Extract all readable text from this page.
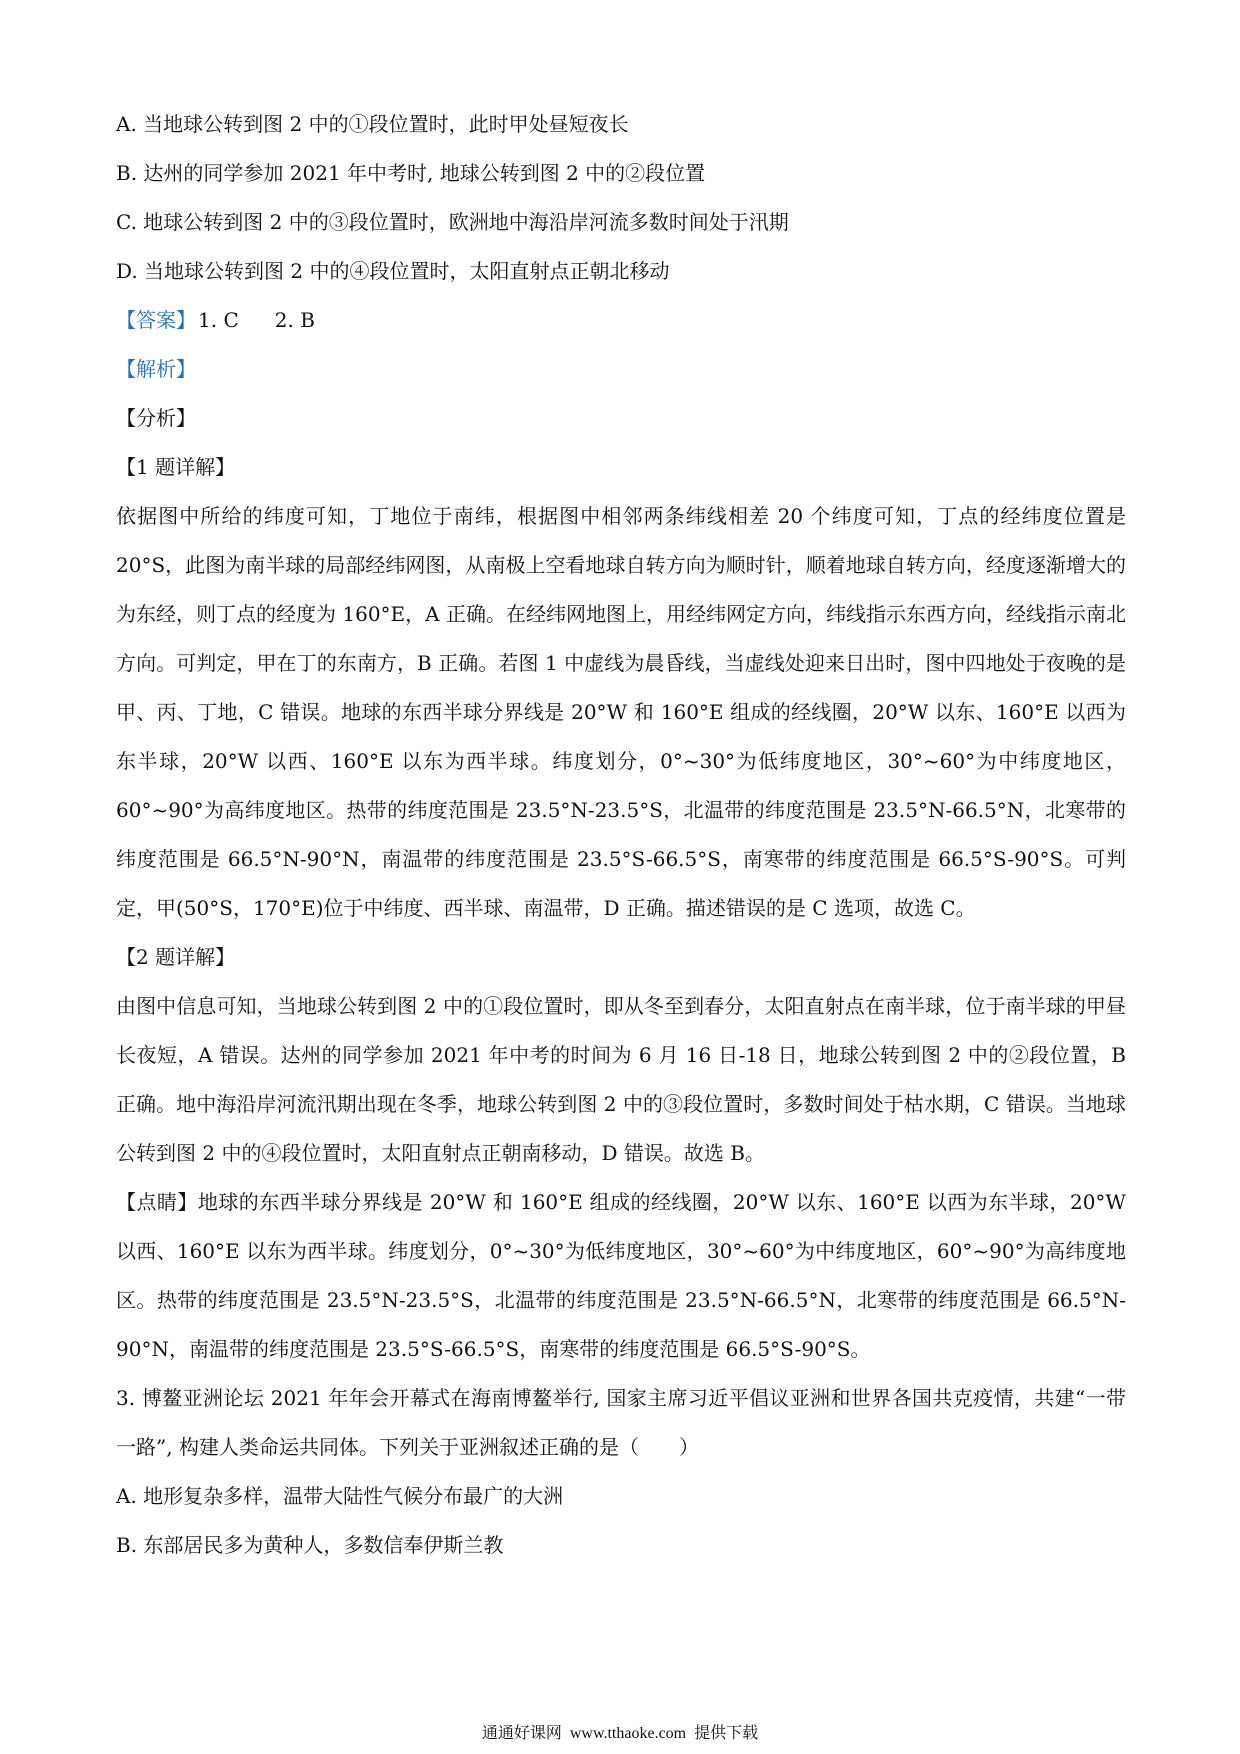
A. 当地球公转到图 2 中的①段位置时，此时甲处昼短夜长
B. 达州的同学参加 2021 年中考时, 地球公转到图 2 中的②段位置
C. 地球公转到图 2 中的③段位置时，欧洲地中海沿岸河流多数时间处于汛期
D. 当地球公转到图 2 中的④段位置时，太阳直射点正朝北移动
【答案】 1. C 2. B
【解析】
【分析】
【1 题详解】

依据图中所给的纬度可知，丁地位于南纬，根据图中相邻两条纬线相差 20 个纬度可知，丁点的经纬度位置是 20°S，此图为南半球的局部经纬网图，从南极上空看地球自转方向为顺时针，顺着地球自转方向，经度逐渐增大的为东经，则丁点的经度为 160°E，A 正确。在经纬网地图上，用经纬网定方向，纬线指示东西方向，经线指示南北方向。可判定，甲在丁的东南方，B 正确。若图 1 中虚线为晨昏线，当虚线处迎来日出时，图中四地处于夜晚的是甲、丙、丁地，C 错误。地球的东西半球分界线是 20°W 和 160°E 组成的经线圈，20°W 以东、160°E 以西为东半球，20°W 以西、160°E 以东为西半球。纬度划分，0°~30°为低纬度地区，30°~60°为中纬度地区，60°~90°为高纬度地区。热带的纬度范围是 23.5°N-23.5°S，北温带的纬度范围是 23.5°N-66.5°N，北寒带的纬度范围是 66.5°N-90°N，南温带的纬度范围是 23.5°S-66.5°S，南寒带的纬度范围是 66.5°S-90°S。可判定，甲(50°S，170°E)位于中纬度、西半球、南温带，D 正确。描述错误的是 C 选项，故选 C。

【2 题详解】

由图中信息可知，当地球公转到图 2 中的①段位置时，即从冬至到春分，太阳直射点在南半球，位于南半球的甲昼长夜短，A 错误。达州的同学参加 2021 年中考的时间为 6 月 16 日-18 日，地球公转到图 2 中的②段位置，B 正确。地中海沿岸河流汛期出现在冬季，地球公转到图 2 中的③段位置时，多数时间处于枯水期，C 错误。当地球公转到图 2 中的④段位置时，太阳直射点正朝南移动，D 错误。故选 B。

【点睛】地球的东西半球分界线是 20°W 和 160°E 组成的经线圈，20°W 以东、160°E 以西为东半球，20°W 以西、160°E 以东为西半球。纬度划分，0°~30°为低纬度地区，30°~60°为中纬度地区，60°~90°为高纬度地区。热带的纬度范围是 23.5°N-23.5°S，北温带的纬度范围是 23.5°N-66.5°N，北寒带的纬度范围是 66.5°N-90°N，南温带的纬度范围是 23.5°S-66.5°S，南寒带的纬度范围是 66.5°S-90°S。

3. 博鳌亚洲论坛 2021 年年会开幕式在海南博鳌举行, 国家主席习近平倡议亚洲和世界各国共克疫情，共建“一带一路”, 构建人类命运共同体。下列关于亚洲叙述正确的是（　　）

A. 地形复杂多样，温带大陆性气候分布最广的大洲
B. 东部居民多为黄种人，多数信奉伊斯兰教
通通好课网 www.tthaoke.com 提供下载
